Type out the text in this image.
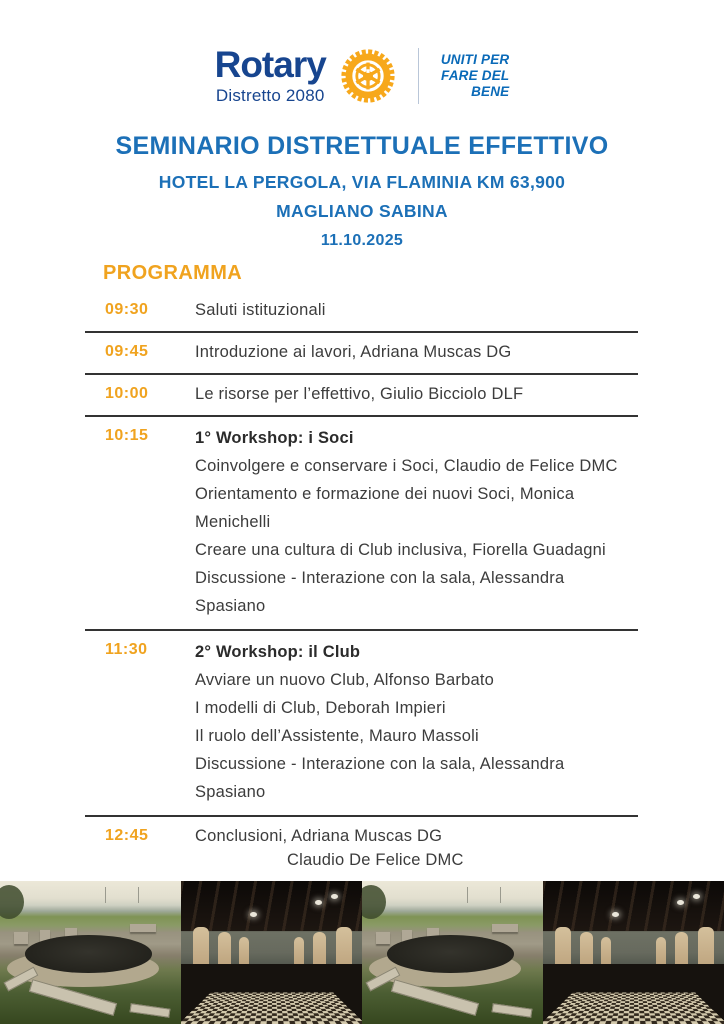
Rotary
Distretto 2080
UNITI PER
FARE DEL
BENE
SEMINARIO DISTRETTUALE EFFETTIVO
HOTEL LA PERGOLA, VIA FLAMINIA KM 63,900
MAGLIANO SABINA
11.10.2025
PROGRAMMA
09:30	Saluti istituzionali
09:45	Introduzione ai lavori, Adriana Muscas DG
10:00	Le risorse per l’effettivo, Giulio Bicciolo DLF
10:15	1° Workshop: i Soci
Coinvolgere e conservare i Soci, Claudio de Felice DMC
Orientamento e formazione dei nuovi Soci, Monica Menichelli
Creare una cultura di Club inclusiva, Fiorella Guadagni
Discussione - Interazione con la sala, Alessandra Spasiano
11:30	2° Workshop: il Club
Avviare un nuovo Club, Alfonso Barbato
I modelli di Club, Deborah Impieri
Il ruolo dell’Assistente, Mauro Massoli
Discussione - Interazione con la sala, Alessandra Spasiano
12:45	Conclusioni, Adriana Muscas DG
Claudio De Felice DMC
